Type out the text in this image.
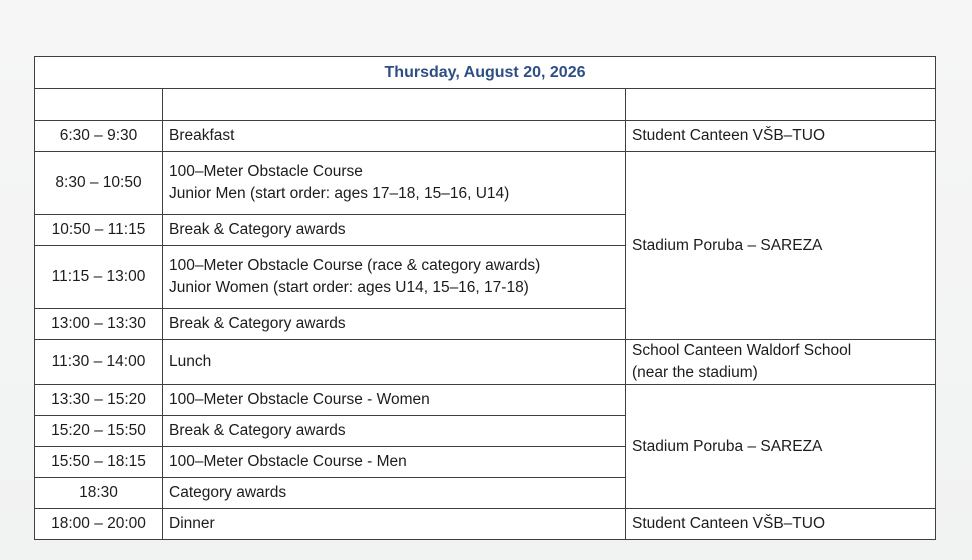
Thursday, August 20, 2026		
Time	Program / Event	Location
6:30 – 9:30	Breakfast	Student Canteen VŠB–TUO
8:30 – 10:50	100–Meter Obstacle Course
Junior Men (start order: ages 17–18, 15–16, U14)	Stadium Poruba – SAREZA
10:50 – 11:15	Break & Category awards	
11:15 – 13:00	100–Meter Obstacle Course (race & category awards)
Junior Women (start order: ages U14, 15–16, 17-18)	
13:00 – 13:30	Break & Category awards	
11:30 – 14:00	Lunch	School Canteen Waldorf School
(near the stadium)
13:30 – 15:20	100–Meter Obstacle Course - Women	Stadium Poruba – SAREZA
15:20 – 15:50	Break & Category awards	
15:50 – 18:15	100–Meter Obstacle Course - Men	
18:30	Category awards	
18:00 – 20:00	Dinner	Student Canteen VŠB–TUO
